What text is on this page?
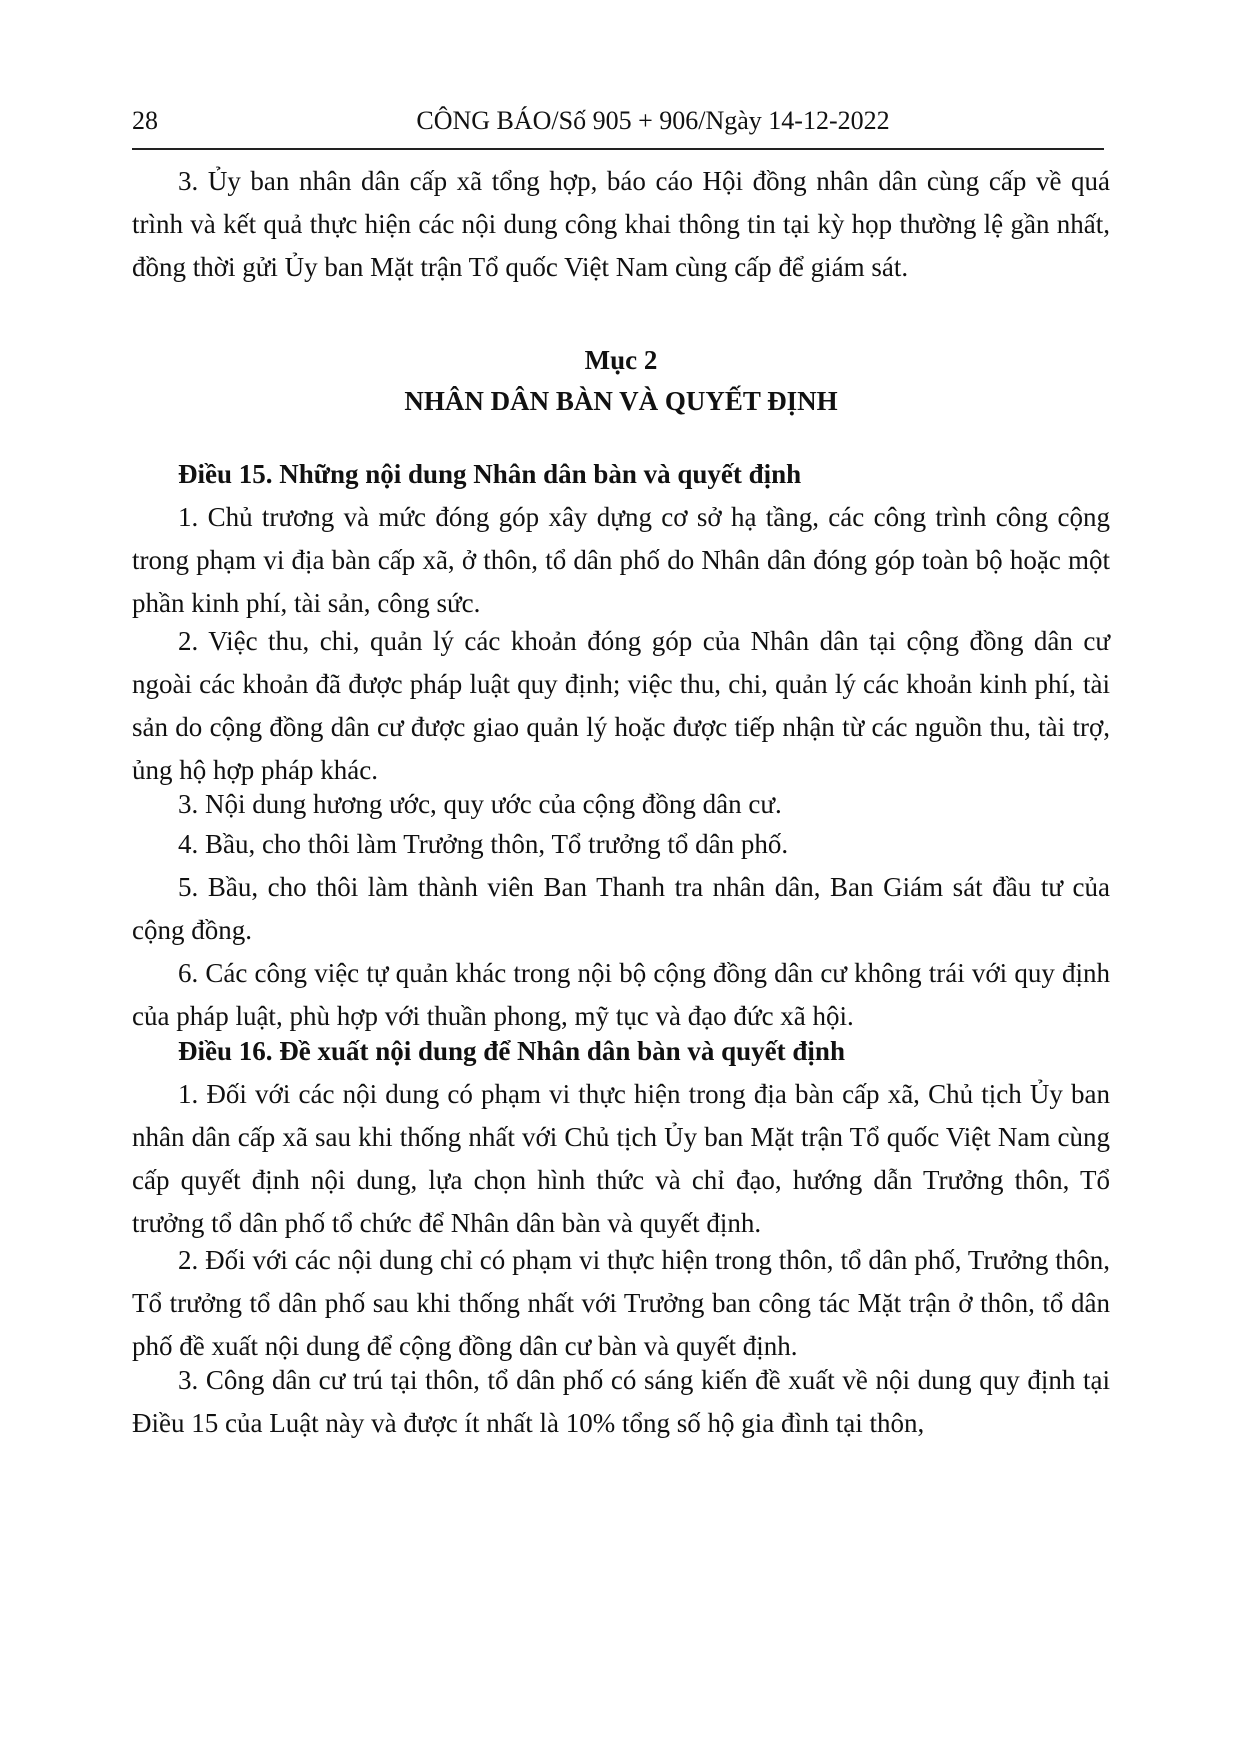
28	CÔNG BÁO/Số 905 + 906/Ngày 14-12-2022

3. Ủy ban nhân dân cấp xã tổng hợp, báo cáo Hội đồng nhân dân cùng cấp về quá trình và kết quả thực hiện các nội dung công khai thông tin tại kỳ họp thường lệ gần nhất, đồng thời gửi Ủy ban Mặt trận Tổ quốc Việt Nam cùng cấp để giám sát.

Mục 2
NHÂN DÂN BÀN VÀ QUYẾT ĐỊNH
Điều 15. Những nội dung Nhân dân bàn và quyết định

1. Chủ trương và mức đóng góp xây dựng cơ sở hạ tầng, các công trình công cộng trong phạm vi địa bàn cấp xã, ở thôn, tổ dân phố do Nhân dân đóng góp toàn bộ hoặc một phần kinh phí, tài sản, công sức.

2. Việc thu, chi, quản lý các khoản đóng góp của Nhân dân tại cộng đồng dân cư ngoài các khoản đã được pháp luật quy định; việc thu, chi, quản lý các khoản kinh phí, tài sản do cộng đồng dân cư được giao quản lý hoặc được tiếp nhận từ các nguồn thu, tài trợ, ủng hộ hợp pháp khác.

3. Nội dung hương ước, quy ước của cộng đồng dân cư.

4. Bầu, cho thôi làm Trưởng thôn, Tổ trưởng tổ dân phố.

5. Bầu, cho thôi làm thành viên Ban Thanh tra nhân dân, Ban Giám sát đầu tư của cộng đồng.

6. Các công việc tự quản khác trong nội bộ cộng đồng dân cư không trái với quy định của pháp luật, phù hợp với thuần phong, mỹ tục và đạo đức xã hội.

Điều 16. Đề xuất nội dung để Nhân dân bàn và quyết định

1. Đối với các nội dung có phạm vi thực hiện trong địa bàn cấp xã, Chủ tịch Ủy ban nhân dân cấp xã sau khi thống nhất với Chủ tịch Ủy ban Mặt trận Tổ quốc Việt Nam cùng cấp quyết định nội dung, lựa chọn hình thức và chỉ đạo, hướng dẫn Trưởng thôn, Tổ trưởng tổ dân phố tổ chức để Nhân dân bàn và quyết định.

2. Đối với các nội dung chỉ có phạm vi thực hiện trong thôn, tổ dân phố, Trưởng thôn, Tổ trưởng tổ dân phố sau khi thống nhất với Trưởng ban công tác Mặt trận ở thôn, tổ dân phố đề xuất nội dung để cộng đồng dân cư bàn và quyết định.

3. Công dân cư trú tại thôn, tổ dân phố có sáng kiến đề xuất về nội dung quy định tại Điều 15 của Luật này và được ít nhất là 10% tổng số hộ gia đình tại thôn,
